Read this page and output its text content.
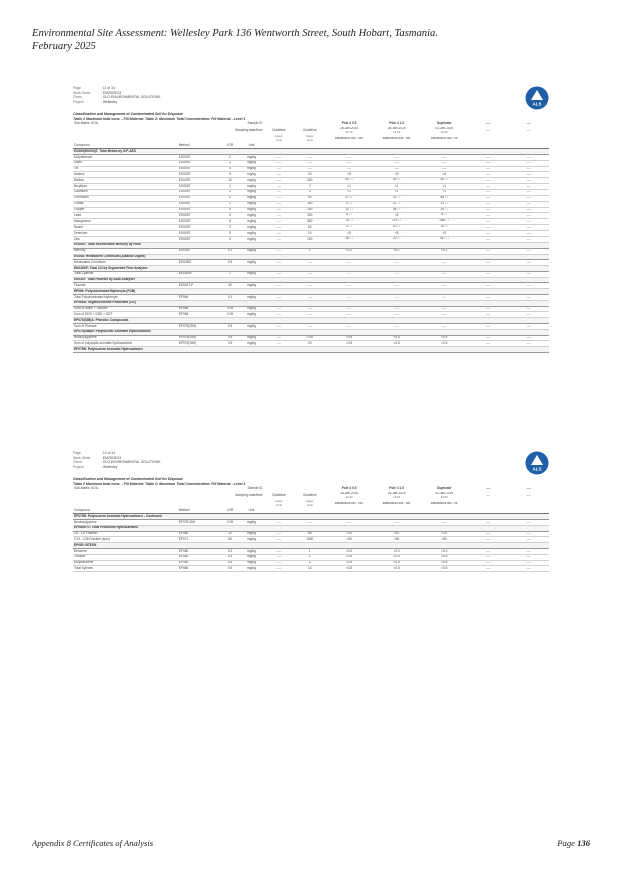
Environmental Site Assessment: Wellesley Park 136 Wentworth Street, South Hobart, Tasmania.
February 2025
Page	: 11 of 14
Work Order	: EM2503013
Client	: GLO ENVIRONMENTAL SOLUTIONS
Project	: Wellesley	ALS
Classification and Management of Contaminated Soil for Disposal
Table 2 Maximum total conc. - Fill Material: Table 2: Maximum Total Concentration: Fill Material - Level 1
Sub-Matrix: SOIL	Sample ID					Pole 4 0.5	Pole 4 1.0	Duplicate	----	----
	Sampling date/time			Guideline	Guideline	26-Jan-2025
12:10	26-Jan-2025
12:15	03-Jan-2025
12:00	----	----

				Lower
Limit	Upper
Limit	EM2503013-001 - 501	EM2503013-002 - 501	EM2503013-003 - 50		
Compound	Method	LOR	Unit							
EG005(ED093)T: Total Metals by ICP-AES										
Molybdenum	EG005T	2	mg/kg	----	----	----	----	----	----	----
Silver	EG005T	2	mg/kg	----	----	----	----	----	----	----
Tin	EG005T	5	mg/kg	----	----	----	----	----	----	----
Arsenic	EG005T	5	mg/kg	----	20	<5	<5	<5	----	----
Barium	EG005T	10	mg/kg	----	300	601.5	401.1	501.4	----	----
Beryllium	EG005T	1	mg/kg	----	2	<1	<1	<1	----	----
Cadmium	EG005T	1	mg/kg	----	3	<1	<1	<1	----	----
Chromium	EG005T	2	mg/kg	----	50	51.11	221.1	481.6	----	----
Cobalt	EG005T	2	mg/kg	----	100	40.4	121.1	111.1	----	----
Copper	EG005T	5	mg/kg	----	100	121.1	261.1	261.1	----	----
Lead	EG005T	5	mg/kg	----	300	61.1	<5	61.1	----	----
Manganese	EG005T	5	mg/kg	----	500	761.1	2791.1	2861.1	----	----
Nickel	EG005T	2	mg/kg	----	60	41.1	101.1	101.1	----	----
Selenium	EG005T	5	mg/kg	----	10	<5	<5	<5	----	----
Zinc	EG005T	5	mg/kg	----	200	161.1	201.1	7871.1	----	----
EG035T: Total Recoverable Mercury by FIMS										
Mercury	EG035T	0.1	mg/kg	----	1	<0.1	<0.1	<0.1	----	----
EG048: Hexavalent Chromium (Alkaline Digest)										
Hexavalent Chromium	EG048G	0.5	mg/kg	----	----	----	----	----	----	----
EK026SF: Total CN by Segmented Flow Analyser										
Total Cyanide	EK026SF	1	mg/kg	----	----	----	----	----	----	----
EK040T: Total Fluoride by Auto Analyser										
Fluoride	EK040T-P	40	mg/kg	----	----	----	----	----	----	----
EP066: Polychlorinated Biphenyls (PCB)										
Total Polychlorinated biphenyls	EP066	0.1	mg/kg	----	----	----	----	----	----	----
EP068A: Organochlorine Pesticides (OC)										
Sum of Aldrin + Dieldrin	EP068	0.05	mg/kg	----	----	----	----	----	----	----
Sum of DDD + DDE + DDT	EP068	0.05	mg/kg	----	----	----	----	----	----	----
EP075(SIM)A: Phenolic Compounds										
Sum of Phenols	EP075(SIM)	0.5	mg/kg	----	----	----	----	----	----	----
EP075(SIM)B: Polynuclear Aromatic Hydrocarbons										
Benzo(a)pyrene	EP075(SIM)	0.5	mg/kg	----	0.08	<0.5	<0.5	<0.5	----	----
Sum of polycyclic aromatic hydrocarbons	EP075(SIM)	0.5	mg/kg	----	20	<0.5	<0.5	<0.5	----	----
EP075B: Polynuclear Aromatic Hydrocarbons										
Page	: 12 of 14
Work Order	: EM2503013
Client	: GLO ENVIRONMENTAL SOLUTIONS
Project	: Wellesley	ALS
Classification and Management of Contaminated Soil for Disposal
Table 2 Maximum total conc. - Fill Material: Table 2: Maximum Total Concentration: Fill Material - Level 1
Sub-Matrix: SOIL	Sample ID					Pole 4 0.5	Pole 4 1.0	Duplicate	----	----
	Sampling date/time			Guideline	Guideline	26-Jan-2025
12:10	26-Jan-2025
12:15	03-Jan-2025
12:00	----	----

				Lower
Limit	Upper
Limit	EM2503013-001 - 501	EM2503013-002 - 501	EM2503013-003 - 50		
Compound	Method	LOR	Unit							
EP075B: Polynuclear Aromatic Hydrocarbons - Continued										
Benzo(a)pyrene	EP075-SIM	0.05	mg/kg	----	----	----	----	----	----	----
EP080/071: Total Petroleum Hydrocarbons										
C6 - C9 Fraction	EP080	10	mg/kg	----	65	<10	<10	<10	----	----
C10 - C36 Fraction (sum)	EP071	50	mg/kg	----	1000	<50	<50	<50	----	----
EP080: BTEXN										
Benzene	EP080	0.2	mg/kg	----	1	<0.2	<0.2	<0.2	----	----
Toluene	EP080	0.5	mg/kg	----	1	<0.5	<0.5	<0.5	----	----
Ethylbenzene	EP080	0.5	mg/kg	----	5	<0.5	<0.5	<0.5	----	----
Total Xylenes	EP080	0.5	mg/kg	----	14	<0.5	<0.5	<0.5	----	----
Appendix 8 Certificates of Analysis	Page 136
